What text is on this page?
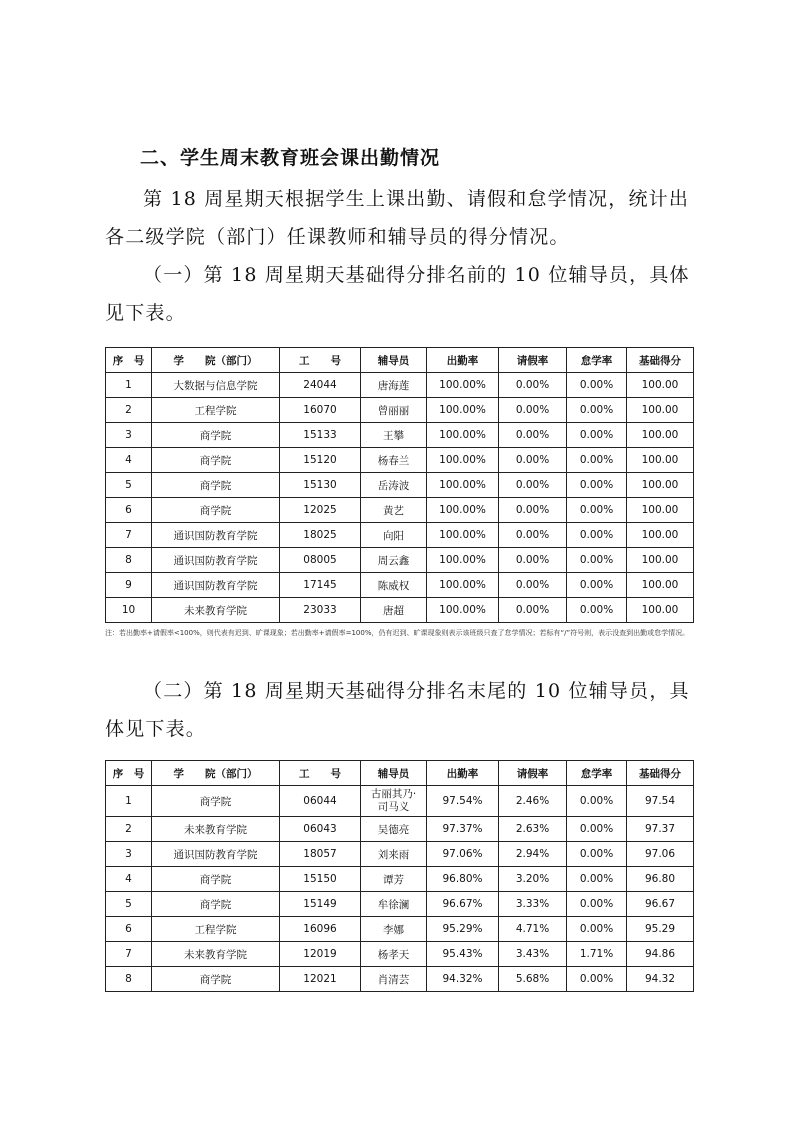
二、学生周末教育班会课出勤情况
第 18 周星期天根据学生上课出勤、请假和怠学情况，统计出各二级学院（部门）任课教师和辅导员的得分情况。
（一）第 18 周星期天基础得分排名前的 10 位辅导员，具体见下表。
序　号	学　　院（部门）	工　　号	辅导员	出勤率	请假率	怠学率	基础得分
1	大数据与信息学院	24044	唐海莲	100.00%	0.00%	0.00%	100.00
2	工程学院	16070	曾丽丽	100.00%	0.00%	0.00%	100.00
3	商学院	15133	王攀	100.00%	0.00%	0.00%	100.00
4	商学院	15120	杨春兰	100.00%	0.00%	0.00%	100.00
5	商学院	15130	岳涛波	100.00%	0.00%	0.00%	100.00
6	商学院	12025	黄艺	100.00%	0.00%	0.00%	100.00
7	通识国防教育学院	18025	向阳	100.00%	0.00%	0.00%	100.00
8	通识国防教育学院	08005	周云鑫	100.00%	0.00%	0.00%	100.00
9	通识国防教育学院	17145	陈威权	100.00%	0.00%	0.00%	100.00
10	未来教育学院	23033	唐超	100.00%	0.00%	0.00%	100.00
注：若出勤率+请假率<100%，则代表有迟到、旷课现象；若出勤率+请假率=100%，仍有迟到、旷课现象则表示该班级只查了怠学情况；若标有“/”符号则，表示没查到出勤或怠学情况。
（二）第 18 周星期天基础得分排名末尾的 10 位辅导员，具体见下表。
序　号	学　　院（部门）	工　　号	辅导员	出勤率	请假率	怠学率	基础得分
1	商学院	06044	古丽其乃·司马义	97.54%	2.46%	0.00%	97.54
2	未来教育学院	06043	吴德亮	97.37%	2.63%	0.00%	97.37
3	通识国防教育学院	18057	刘来雨	97.06%	2.94%	0.00%	97.06
4	商学院	15150	谭芳	96.80%	3.20%	0.00%	96.80
5	商学院	15149	牟徐澜	96.67%	3.33%	0.00%	96.67
6	工程学院	16096	李娜	95.29%	4.71%	0.00%	95.29
7	未来教育学院	12019	杨孝天	95.43%	3.43%	1.71%	94.86
8	商学院	12021	肖清芸	94.32%	5.68%	0.00%	94.32
